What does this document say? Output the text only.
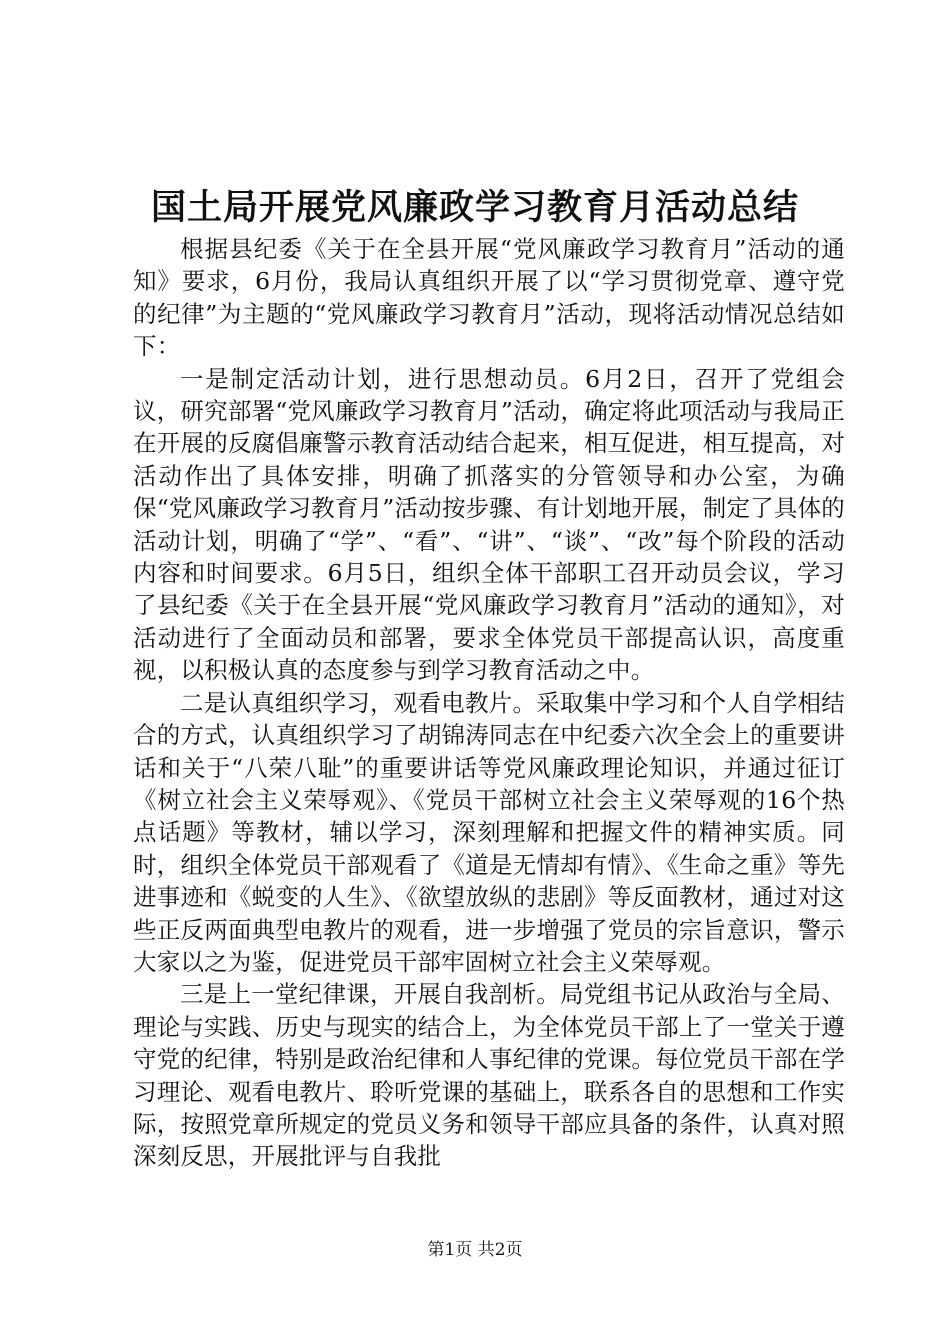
国土局开展党风廉政学习教育月活动总结

根据县纪委《关于在全县开展“党风廉政学习教育月”活动的通知》要求，6月份，我局认真组织开展了以“学习贯彻党章、遵守党的纪律”为主题的“党风廉政学习教育月”活动，现将活动情况总结如下：

一是制定活动计划，进行思想动员。6月2日，召开了党组会议，研究部署“党风廉政学习教育月”活动，确定将此项活动与我局正在开展的反腐倡廉警示教育活动结合起来，相互促进，相互提高，对活动作出了具体安排，明确了抓落实的分管领导和办公室，为确保“党风廉政学习教育月”活动按步骤、有计划地开展，制定了具体的活动计划，明确了“学”、“看”、“讲”、“谈”、“改”每个阶段的活动内容和时间要求。6月5日，组织全体干部职工召开动员会议，学习了县纪委《关于在全县开展“党风廉政学习教育月”活动的通知》，对活动进行了全面动员和部署，要求全体党员干部提高认识，高度重视，以积极认真的态度参与到学习教育活动之中。

二是认真组织学习，观看电教片。采取集中学习和个人自学相结合的方式，认真组织学习了胡锦涛同志在中纪委六次全会上的重要讲话和关于“八荣八耻”的重要讲话等党风廉政理论知识，并通过征订《树立社会主义荣辱观》、《党员干部树立社会主义荣辱观的16个热点话题》等教材，辅以学习，深刻理解和把握文件的精神实质。同时，组织全体党员干部观看了《道是无情却有情》、《生命之重》等先进事迹和《蜕变的人生》、《欲望放纵的悲剧》等反面教材，通过对这些正反两面典型电教片的观看，进一步增强了党员的宗旨意识，警示大家以之为鉴，促进党员干部牢固树立社会主义荣辱观。

三是上一堂纪律课，开展自我剖析。局党组书记从政治与全局、理论与实践、历史与现实的结合上，为全体党员干部上了一堂关于遵守党的纪律，特别是政治纪律和人事纪律的党课。每位党员干部在学习理论、观看电教片、聆听党课的基础上，联系各自的思想和工作实际，按照党章所规定的党员义务和领导干部应具备的条件，认真对照深刻反思，开展批评与自我批

第1页 共2页
